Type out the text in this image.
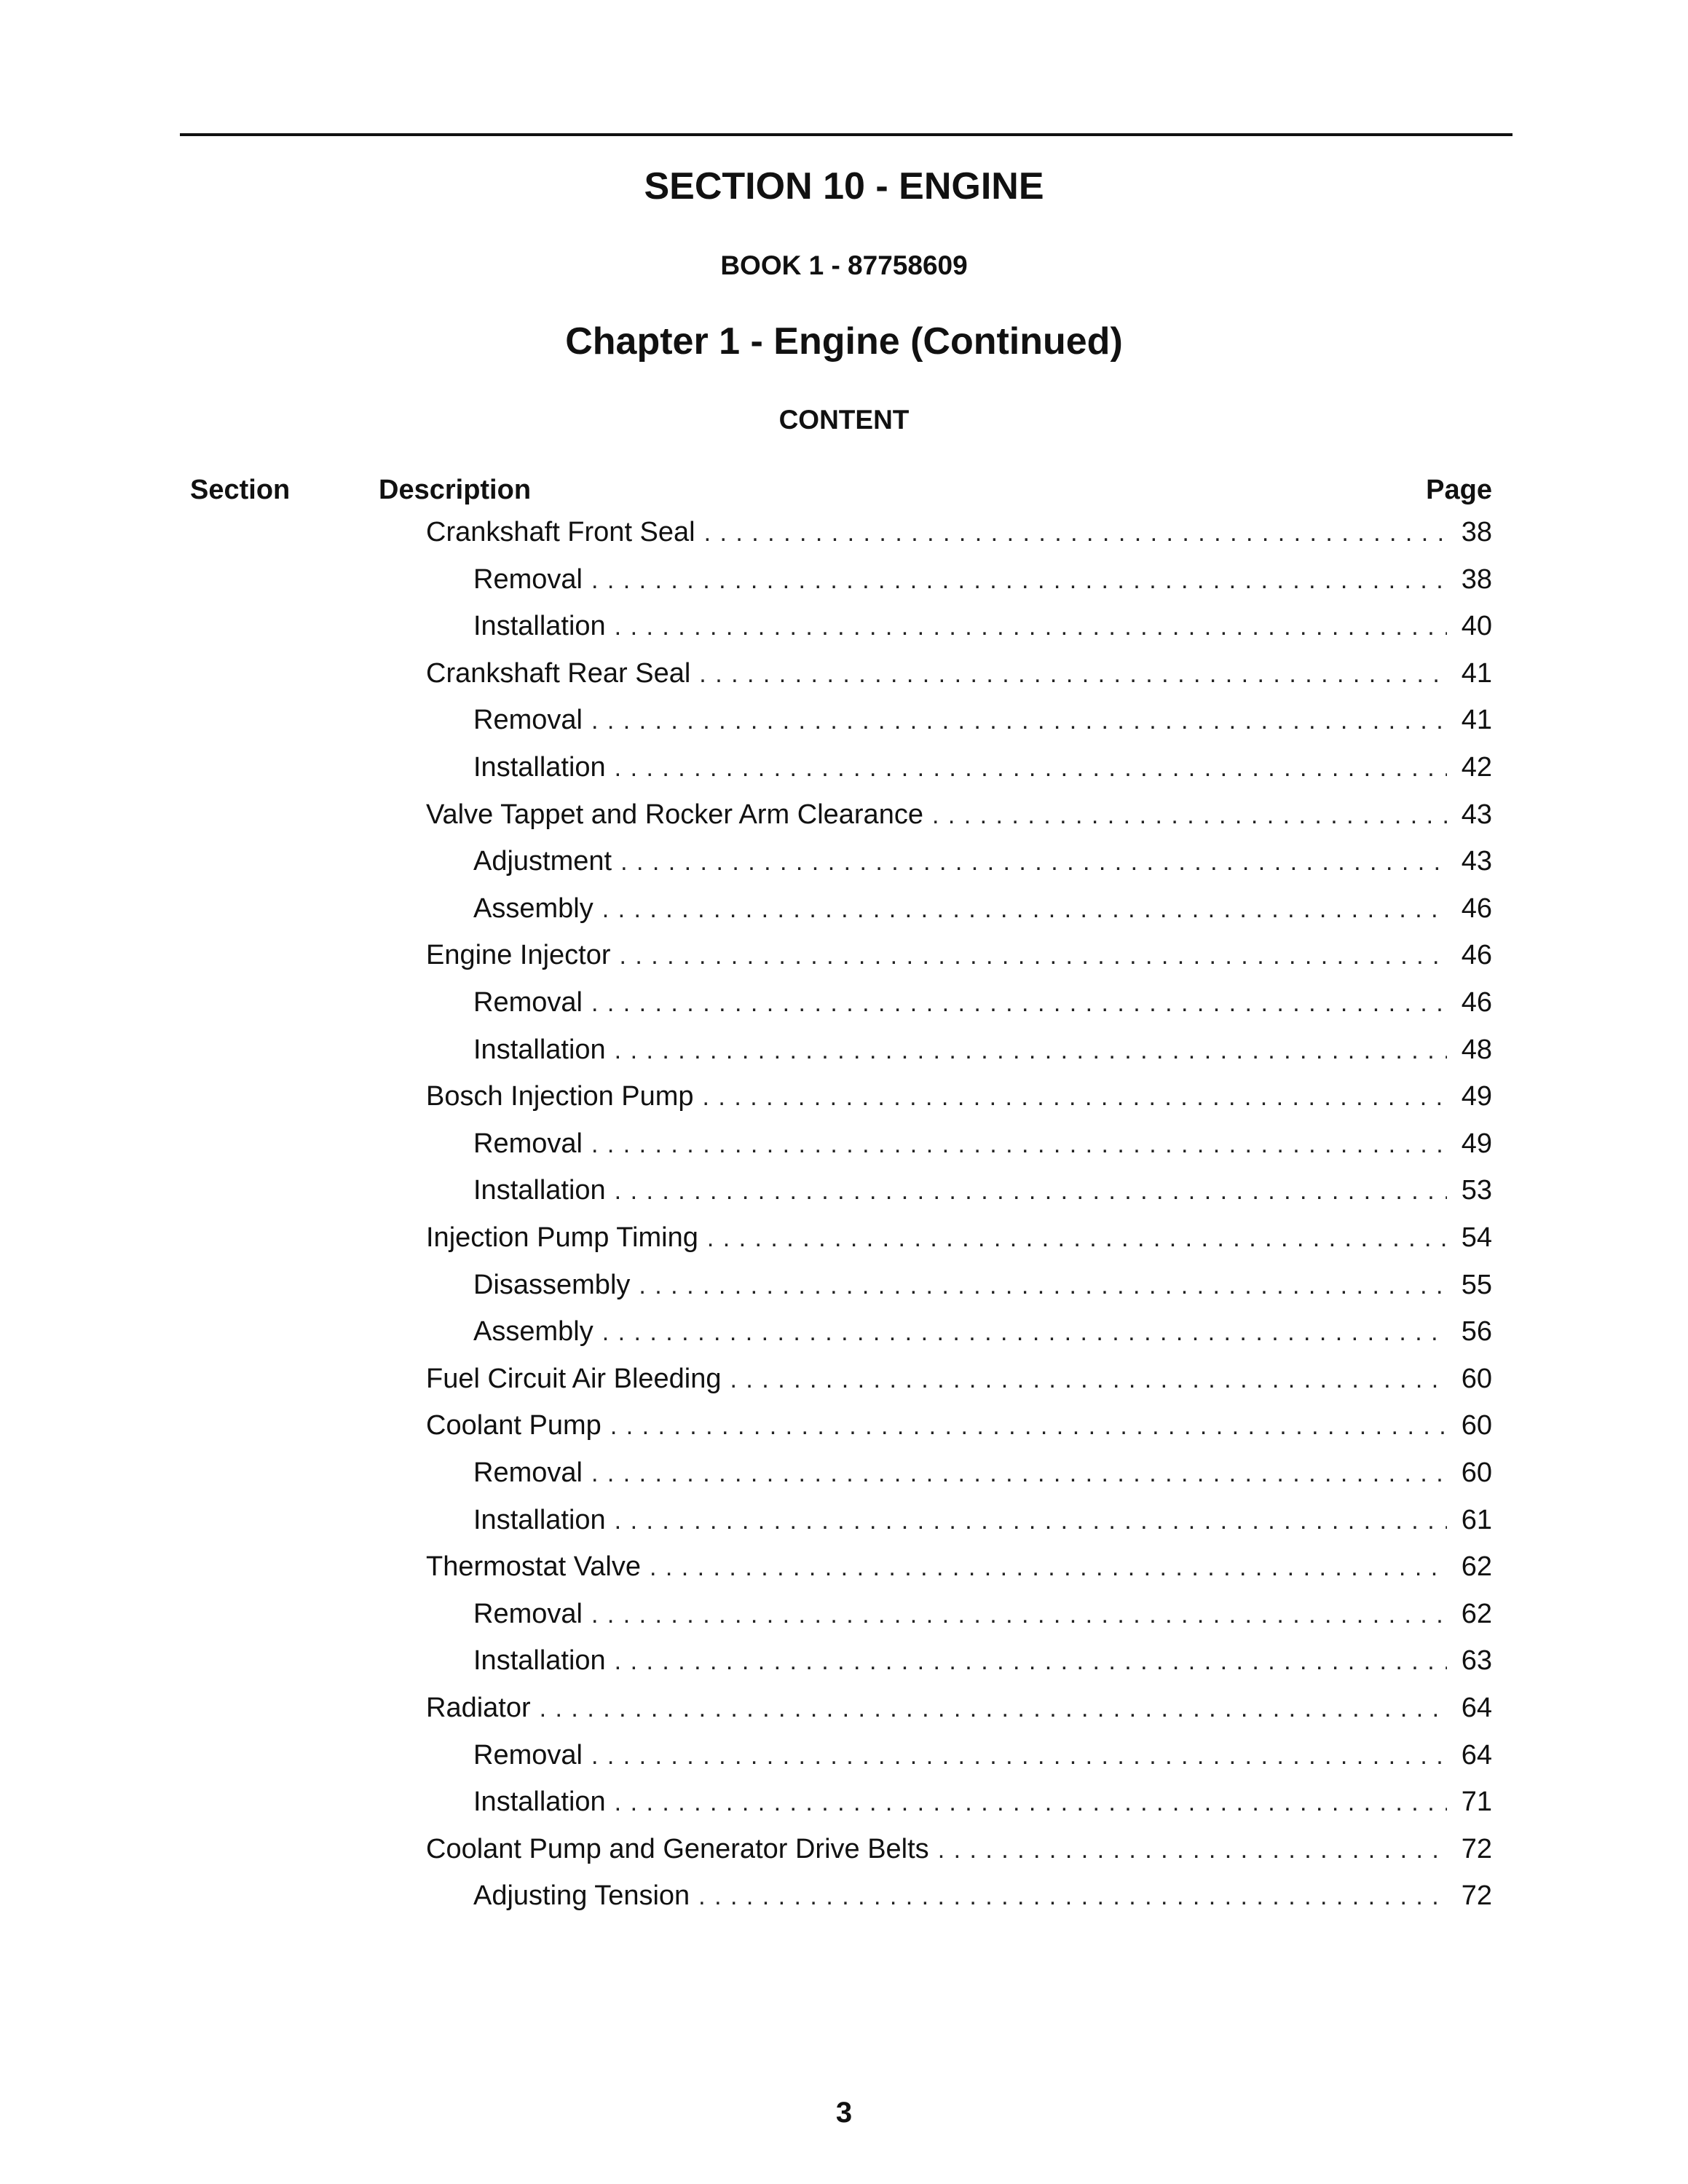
SECTION 10 - ENGINE
BOOK 1 - 87758609
Chapter 1 - Engine (Continued)
CONTENT
Section	Description	Page
Crankshaft Front Seal . . .	38
Removal . . .	38
Installation . . .	40
Crankshaft Rear Seal . . .	41
Removal . . .	41
Installation . . .	42
Valve Tappet and Rocker Arm Clearance . . .	43
Adjustment . . .	43
Assembly . . .	46
Engine Injector . . .	46
Removal . . .	46
Installation . . .	48
Bosch Injection Pump . . .	49
Removal . . .	49
Installation . . .	53
Injection Pump Timing . . .	54
Disassembly . . .	55
Assembly . . .	56
Fuel Circuit Air Bleeding . . .	60
Coolant Pump . . .	60
Removal . . .	60
Installation . . .	61
Thermostat Valve . . .	62
Removal . . .	62
Installation . . .	63
Radiator . . .	64
Removal . . .	64
Installation . . .	71
Coolant Pump and Generator Drive Belts . . .	72
Adjusting Tension . . .	72
3
